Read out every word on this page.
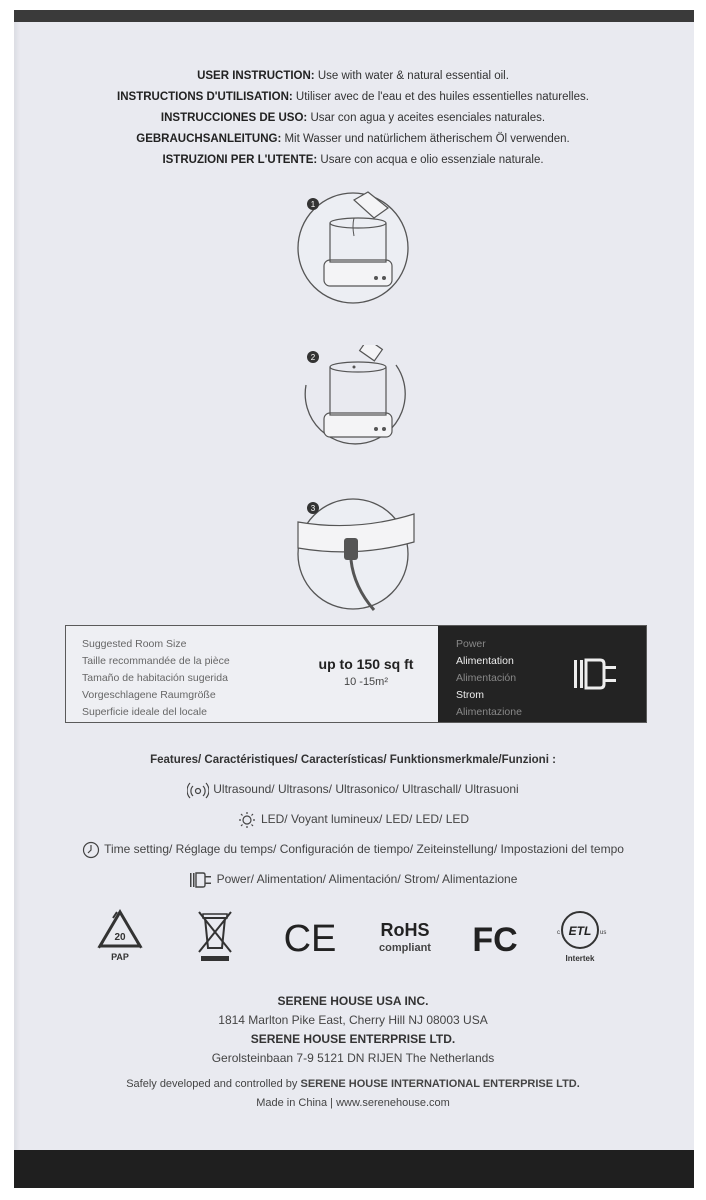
USER INSTRUCTION: Use with water & natural essential oil.
INSTRUCTIONS D'UTILISATION: Utiliser avec de l'eau et des huiles essentielles naturelles.
INSTRUCCIONES DE USO: Usar con agua y aceites esenciales naturales.
GEBRAUCHSANLEITUNG: Mit Wasser und natürlichem ätherischem Öl verwenden.
ISTRUZIONI PER L'UTENTE: Usare con acqua e olio essenziale naturale.
1
2
3
Suggested Room Size
Taille recommandée de la pièce
Tamaño de habitación sugerida
Vorgeschlagene Raumgröße
Superficie ideale del locale
up to 150 sq ft
10 -15m²
Power
Alimentation
Alimentación
Strom
Alimentazione
Features/ Caractéristiques/ Características/ Funktionsmerkmale/Funzioni :
Ultrasound/ Ultrasons/ Ultrasonico/ Ultraschall/ Ultrasuoni
LED/ Voyant lumineux/ LED/ LED/ LED
Time setting/ Réglage du temps/ Configuración de tiempo/ Zeiteinstellung/ Impostazioni del tempo
Power/ Alimentation/ Alimentación/ Strom/ Alimentazione
20
PAP	CE RoHS
compliant FC	ETL
c	us
Intertek
SERENE HOUSE USA INC.
1814 Marlton Pike East, Cherry Hill NJ 08003 USA
SERENE HOUSE ENTERPRISE LTD.
Gerolsteinbaan 7-9 5121 DN RIJEN The Netherlands
Safely developed and controlled by SERENE HOUSE INTERNATIONAL ENTERPRISE LTD.
Made in China | www.serenehouse.com
